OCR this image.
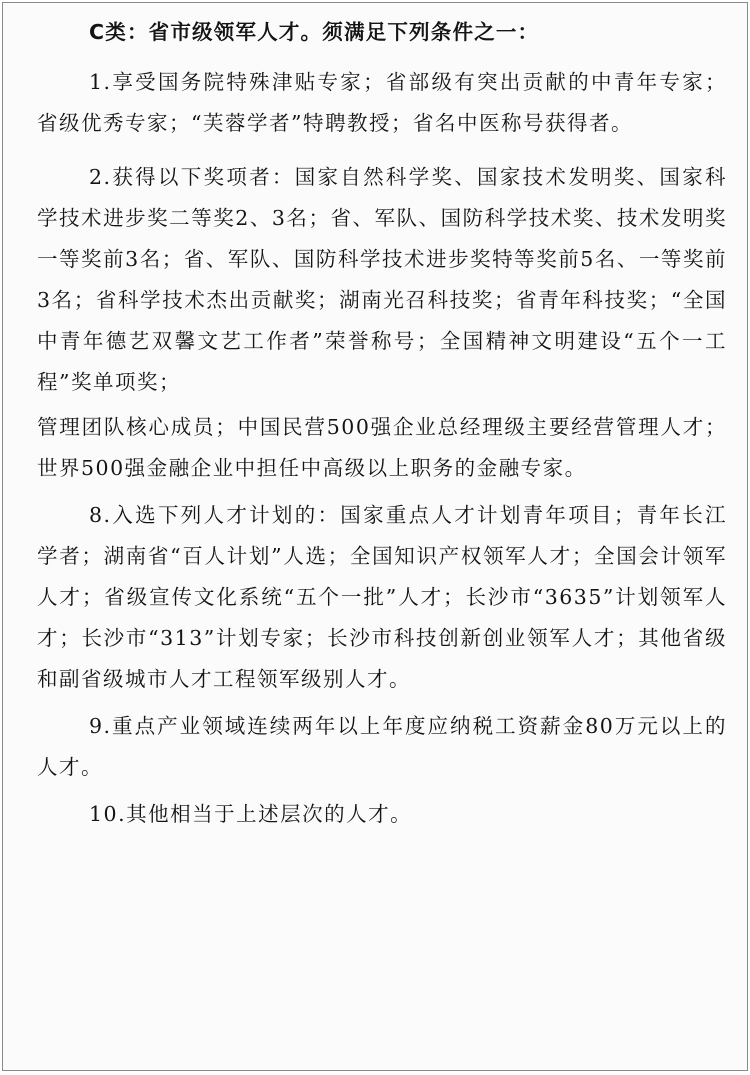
C类：省市级领军人才。须满足下列条件之一：

1.享受国务院特殊津贴专家；省部级有突出贡献的中青年专家；省级优秀专家；“芙蓉学者”特聘教授；省名中医称号获得者。

2.获得以下奖项者：国家自然科学奖、国家技术发明奖、国家科学技术进步奖二等奖2、3名；省、军队、国防科学技术奖、技术发明奖一等奖前3名；省、军队、国防科学技术进步奖特等奖前5名、一等奖前3名；省科学技术杰出贡献奖；湖南光召科技奖；省青年科技奖；“全国中青年德艺双馨文艺工作者”荣誉称号；全国精神文明建设“五个一工程”奖单项奖；

管理团队核心成员；中国民营500强企业总经理级主要经营管理人才；世界500强金融企业中担任中高级以上职务的金融专家。

8.入选下列人才计划的：国家重点人才计划青年项目；青年长江学者；湖南省“百人计划”人选；全国知识产权领军人才；全国会计领军人才；省级宣传文化系统“五个一批”人才；长沙市“3635”计划领军人才；长沙市“313”计划专家；长沙市科技创新创业领军人才；其他省级和副省级城市人才工程领军级别人才。

9.重点产业领域连续两年以上年度应纳税工资薪金80万元以上的人才。

10.其他相当于上述层次的人才。
